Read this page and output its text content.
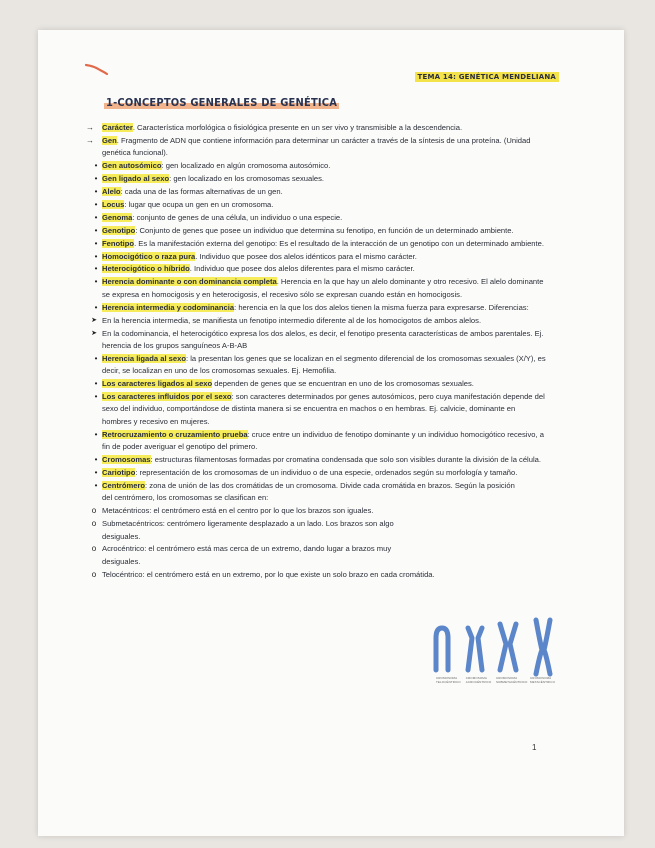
TEMA 14: GENÉTICA MENDELIANA
1-CONCEPTOS GENERALES DE GENÉTICA
→ Carácter. Característica morfológica o fisiológica presente en un ser vivo y transmisible a la descendencia.
→ Gen. Fragmento de ADN que contiene información para determinar un carácter a través de la síntesis de una proteína. (Unidad genética funcional).
• Gen autosómico: gen localizado en algún cromosoma autosómico.
• Gen ligado al sexo: gen localizado en los cromosomas sexuales.
• Alelo: cada una de las formas alternativas de un gen.
• Locus: lugar que ocupa un gen en un cromosoma.
• Genoma: conjunto de genes de una célula, un individuo o una especie.
• Genotipo: Conjunto de genes que posee un individuo que determina su fenotipo, en función de un determinado ambiente.
• Fenotipo. Es la manifestación externa del genotipo: Es el resultado de la interacción de un genotipo con un determinado ambiente.
• Homocigótico o raza pura. Individuo que posee dos alelos idénticos para el mismo carácter.
• Heterocigótico o híbrido. Individuo que posee dos alelos diferentes para el mismo carácter.
• Herencia dominante o con dominancia completa. Herencia en la que hay un alelo dominante y otro recesivo. El alelo dominante se expresa en homocigosis y en heterocigosis, el recesivo sólo se expresan cuando están en homocigosis.
• Herencia intermedia y codominancia: herencia en la que los dos alelos tienen la misma fuerza para expresarse. Diferencias:
➤ En la herencia intermedia, se manifiesta un fenotipo intermedio diferente al de los homocigotos de ambos alelos.
➤ En la codominancia, el heterocigótico expresa los dos alelos, es decir, el fenotipo presenta características de ambos parentales. Ej. herencia de los grupos sanguíneos A-B-AB
• Herencia ligada al sexo: la presentan los genes que se localizan en el segmento diferencial de los cromosomas sexuales (X/Y), es decir, se localizan en uno de los cromosomas sexuales. Ej. Hemofilia.
• Los caracteres ligados al sexo dependen de genes que se encuentran en uno de los cromosomas sexuales.
• Los caracteres influidos por el sexo: son caracteres determinados por genes autosómicos, pero cuya manifestación depende del sexo del individuo, comportándose de distinta manera si se encuentra en machos o en hembras. Ej. calvicie, dominante en hombres y recesivo en mujeres.
• Retrocruzamiento o cruzamiento prueba: cruce entre un individuo de fenotipo dominante y un individuo homocigótico recesivo, a fin de poder averiguar el genotipo del primero.
• Cromosomas: estructuras filamentosas formadas por cromatina condensada que solo son visibles durante la división de la célula.
• Cariotipo: representación de los cromosomas de un individuo o de una especie, ordenados según su morfología y tamaño.
• Centrómero: zona de unión de las dos cromátidas de un cromosoma. Divide cada cromátida en brazos. Según la posición del centrómero, los cromosomas se clasifican en:
o Metacéntricos: el centrómero está en el centro por lo que los brazos son iguales.
o Submetacéntricos: centrómero ligeramente desplazado a un lado. Los brazos son algo desiguales.
o Acrocéntrico: el centrómero está mas cerca de un extremo, dando lugar a brazos muy desiguales.
o Telocéntrico: el centrómero está en un extremo, por lo que existe un solo brazo en cada cromátida.
CROMOSOMA TELOCÉNTRICO
CROMOSOMA ACROCÉNTRICO
CROMOSOMA SUBMETACÉNTRICO
CROMOSOMA METACÉNTRICO
1
